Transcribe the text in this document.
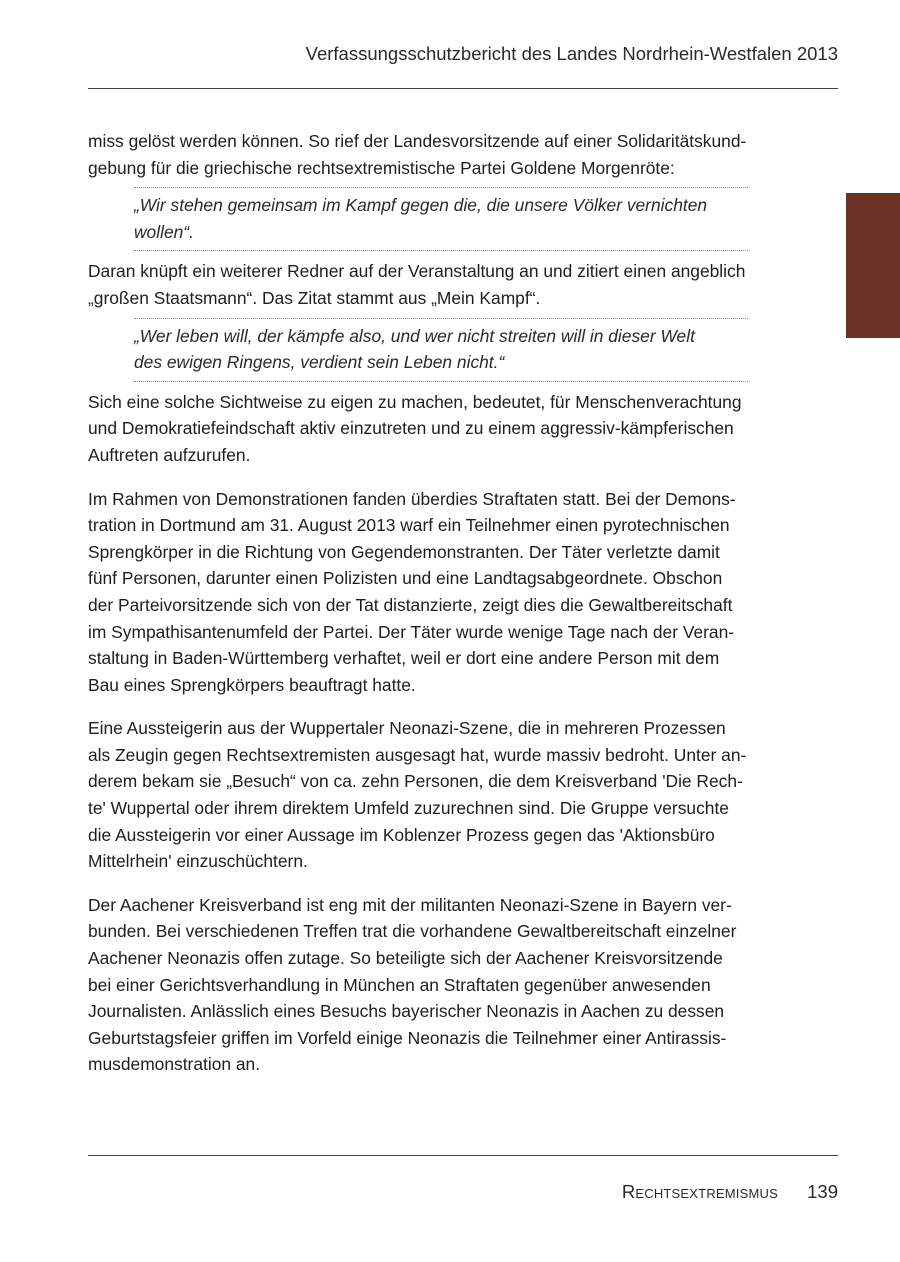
Verfassungsschutzbericht des Landes Nordrhein-Westfalen 2013

miss gelöst werden können. So rief der Landesvorsitzende auf einer Solidaritätskund-
gebung für die griechische rechtsextremistische Partei Goldene Morgenröte:

„Wir stehen gemeinsam im Kampf gegen die, die unsere Völker vernichten
wollen“.

Daran knüpft ein weiterer Redner auf der Veranstaltung an und zitiert einen angeblich
„großen Staatsmann“. Das Zitat stammt aus „Mein Kampf“.

„Wer leben will, der kämpfe also, und wer nicht streiten will in dieser Welt
des ewigen Ringens, verdient sein Leben nicht.“

Sich eine solche Sichtweise zu eigen zu machen, bedeutet, für Menschenverachtung
und Demokratiefeindschaft aktiv einzutreten und zu einem aggressiv-kämpferischen
Auftreten aufzurufen.

Im Rahmen von Demonstrationen fanden überdies Straftaten statt. Bei der Demons-
tration in Dortmund am 31. August 2013 warf ein Teilnehmer einen pyrotechnischen
Sprengkörper in die Richtung von Gegendemonstranten. Der Täter verletzte damit
fünf Personen, darunter einen Polizisten und eine Landtagsabgeordnete. Obschon
der Parteivorsitzende sich von der Tat distanzierte, zeigt dies die Gewaltbereitschaft
im Sympathisantenumfeld der Partei. Der Täter wurde wenige Tage nach der Veran-
staltung in Baden-Württemberg verhaftet, weil er dort eine andere Person mit dem
Bau eines Sprengkörpers beauftragt hatte.

Eine Aussteigerin aus der Wuppertaler Neonazi-Szene, die in mehreren Prozessen
als Zeugin gegen Rechtsextremisten ausgesagt hat, wurde massiv bedroht. Unter an-
derem bekam sie „Besuch“ von ca. zehn Personen, die dem Kreisverband 'Die Rech-
te' Wuppertal oder ihrem direktem Umfeld zuzurechnen sind. Die Gruppe versuchte
die Aussteigerin vor einer Aussage im Koblenzer Prozess gegen das 'Aktionsbüro
Mittelrhein' einzuschüchtern.

Der Aachener Kreisverband ist eng mit der militanten Neonazi-Szene in Bayern ver-
bunden. Bei verschiedenen Treffen trat die vorhandene Gewaltbereitschaft einzelner
Aachener Neonazis offen zutage. So beteiligte sich der Aachener Kreisvorsitzende
bei einer Gerichtsverhandlung in München an Straftaten gegenüber anwesenden
Journalisten. Anlässlich eines Besuchs bayerischer Neonazis in Aachen zu dessen
Geburtstagsfeier griffen im Vorfeld einige Neonazis die Teilnehmer einer Antirassis-
musdemonstration an.

Rechtsextremismus 139
